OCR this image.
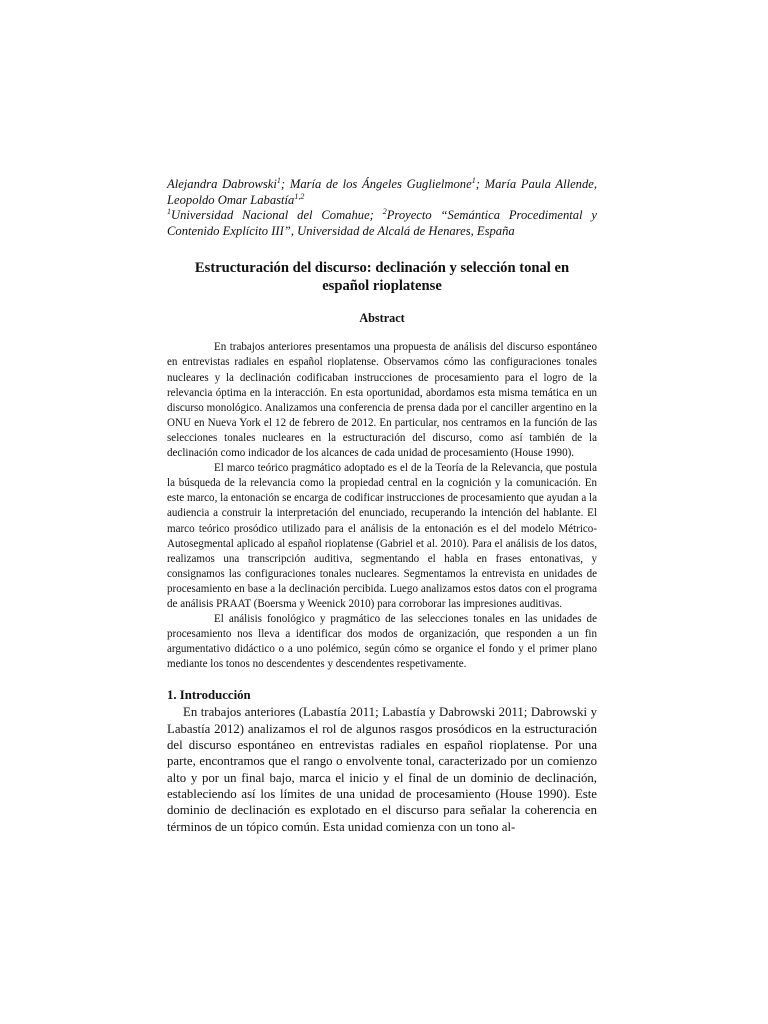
Alejandra Dabrowski$^1$; María de los Ángeles Guglielmone$^1$; María Paula Allende, Leopoldo Omar Labastía$^{1,2}$
$^1$Universidad Nacional del Comahue; $^2$Proyecto “Semántica Procedimental y Contenido Explícito III”, Universidad de Alcalá de Henares, España

Estructuración del discurso: declinación y selección tonal en español rioplatense
Abstract

En trabajos anteriores presentamos una propuesta de análisis del discurso espontáneo en entrevistas radiales en español rioplatense. Observamos cómo las configuraciones tonales nucleares y la declinación codificaban instrucciones de procesamiento para el logro de la relevancia óptima en la interacción. En esta oportunidad, abordamos esta misma temática en un discurso monológico. Analizamos una conferencia de prensa dada por el canciller argentino en la ONU en Nueva York el 12 de febrero de 2012. En particular, nos centramos en la función de las selecciones tonales nucleares en la estructuración del discurso, como así también de la declinación como indicador de los alcances de cada unidad de procesamiento (House 1990).

El marco teórico pragmático adoptado es el de la Teoría de la Relevancia, que postula la búsqueda de la relevancia como la propiedad central en la cognición y la comunicación. En este marco, la entonación se encarga de codificar instrucciones de procesamiento que ayudan a la audiencia a construir la interpretación del enunciado, recuperando la intención del hablante. El marco teórico prosódico utilizado para el análisis de la entonación es el del modelo Métrico-Autosegmental aplicado al español rioplatense (Gabriel et al. 2010). Para el análisis de los datos, realizamos una transcripción auditiva, segmentando el habla en frases entonativas, y consignamos las configuraciones tonales nucleares. Segmentamos la entrevista en unidades de procesamiento en base a la declinación percibida. Luego analizamos estos datos con el programa de análisis PRAAT (Boersma y Weenick 2010) para corroborar las impresiones auditivas.

El análisis fonológico y pragmático de las selecciones tonales en las unidades de procesamiento nos lleva a identificar dos modos de organización, que responden a un fin argumentativo didáctico o a uno polémico, según cómo se organice el fondo y el primer plano mediante los tonos no descendentes y descendentes respetivamente.

1. Introducción

En trabajos anteriores (Labastía 2011; Labastía y Dabrowski 2011; Dabrowski y Labastía 2012) analizamos el rol de algunos rasgos prosódicos en la estructuración del discurso espontáneo en entrevistas radiales en español rioplatense. Por una parte, encontramos que el rango o envolvente tonal, caracterizado por un comienzo alto y por un final bajo, marca el inicio y el final de un dominio de declinación, estableciendo así los límites de una unidad de procesamiento (House 1990). Este dominio de declinación es explotado en el discurso para señalar la coherencia en términos de un tópico común. Esta unidad comienza con un tono al-
